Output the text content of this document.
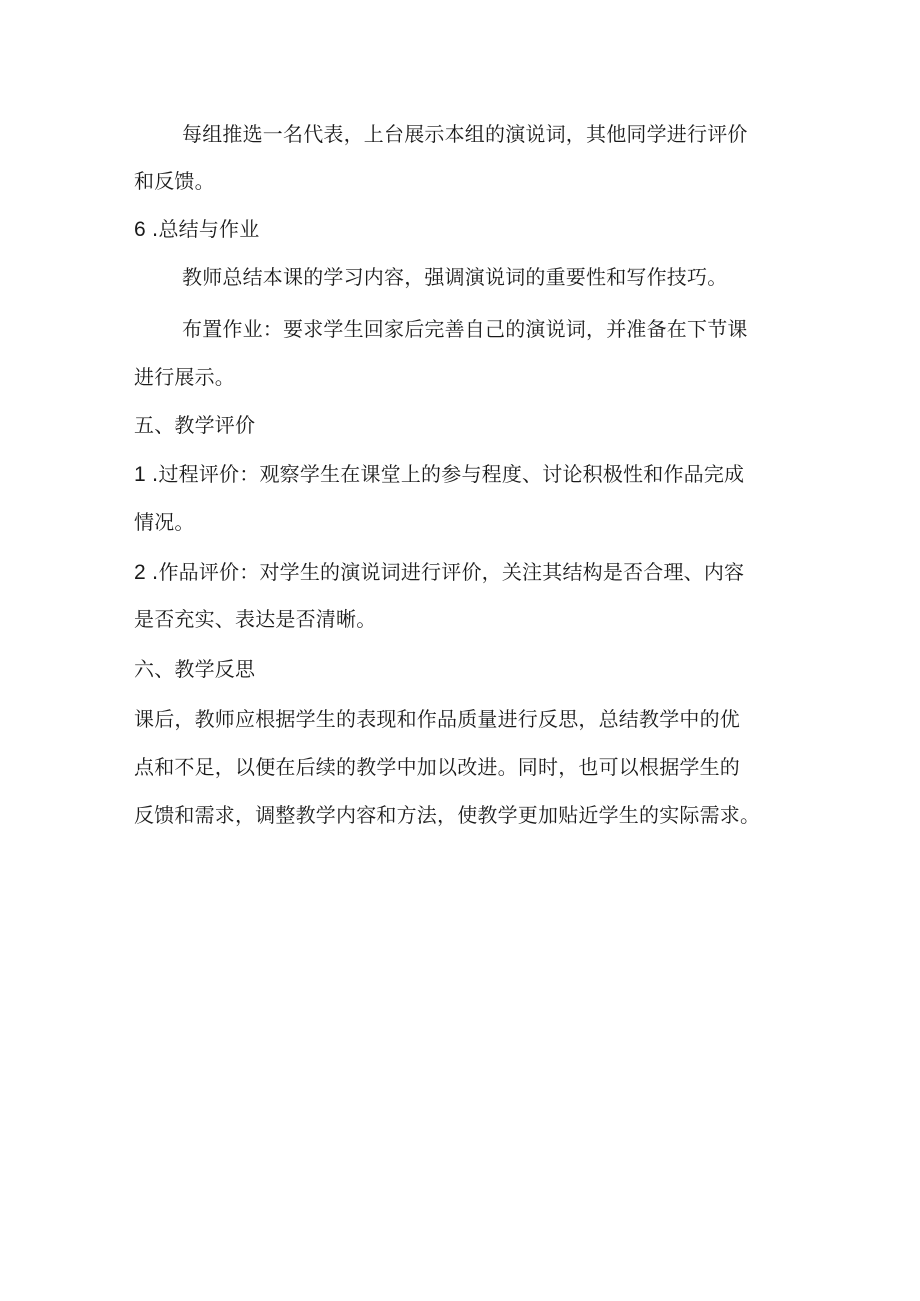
每组推选一名代表，上台展示本组的演说词，其他同学进行评价
和反馈。
6 .总结与作业
教师总结本课的学习内容，强调演说词的重要性和写作技巧。
布置作业：要求学生回家后完善自己的演说词，并准备在下节课
进行展示。
五、教学评价
1 .过程评价：观察学生在课堂上的参与程度、讨论积极性和作品完成
情况。
2 .作品评价：对学生的演说词进行评价，关注其结构是否合理、内容
是否充实、表达是否清晰。
六、教学反思
课后，教师应根据学生的表现和作品质量进行反思，总结教学中的优
点和不足，以便在后续的教学中加以改进。同时，也可以根据学生的
反馈和需求，调整教学内容和方法，使教学更加贴近学生的实际需求。
